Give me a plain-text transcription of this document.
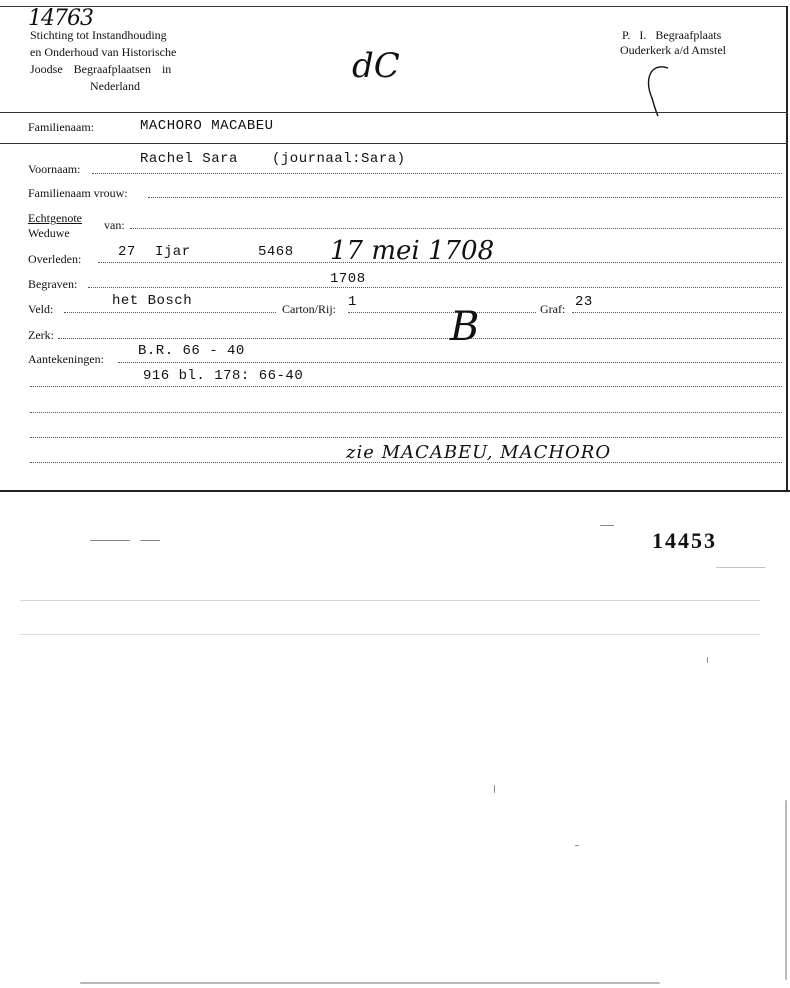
14763
Stichting tot Instandhouding
en Onderhoud van Historische
Joodse Begraafplaatsen in
Nederland
P. I. Begraafplaats
Ouderkerk a/d Amstel
dC
Familienaam:	MACHORO MACABEU
Voornaam:
Rachel Sara (journaal:Sara)
Familienaam vrouw:
Echtgenote
Weduwe
van:
Overleden:	27 Ijar	5468 17 mei 1708
Begraven:	1708
Veld:	het Bosch	Carton/Rij: 1	Graf: 23
Zerk:	B
Aantekeningen: B.R. 66 - 40
916 bl. 178: 66-40
zie MACABEU, MACHORO
14453
